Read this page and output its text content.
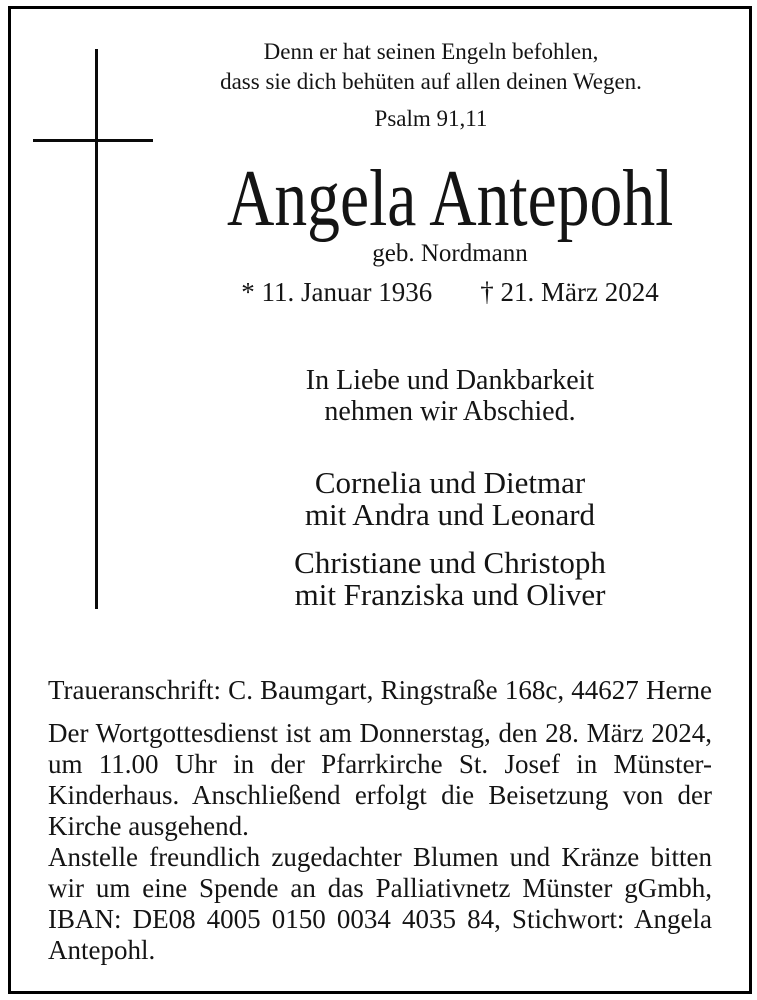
Denn er hat seinen Engeln befohlen,
dass sie dich behüten auf allen deinen Wegen.
Psalm 91,11
Angela Antepohl
geb. Nordmann
* 11. Januar 1936 † 21. März 2024
In Liebe und Dankbarkeit
nehmen wir Abschied.
Cornelia und Dietmar
mit Andra und Leonard
Christiane und Christoph
mit Franziska und Oliver
Traueranschrift: C. Baumgart, Ringstraße 168c, 44627 Herne
Der Wortgottesdienst ist am Donnerstag, den 28. März 2024,
um 11.00 Uhr in der Pfarrkirche St. Josef in Münster-
Kinderhaus. Anschließend erfolgt die Beisetzung von der
Kirche ausgehend.
Anstelle freundlich zugedachter Blumen und Kränze bitten
wir um eine Spende an das Palliativnetz Münster gGmbh,
IBAN: DE08 4005 0150 0034 4035 84, Stichwort: Angela
Antepohl.
